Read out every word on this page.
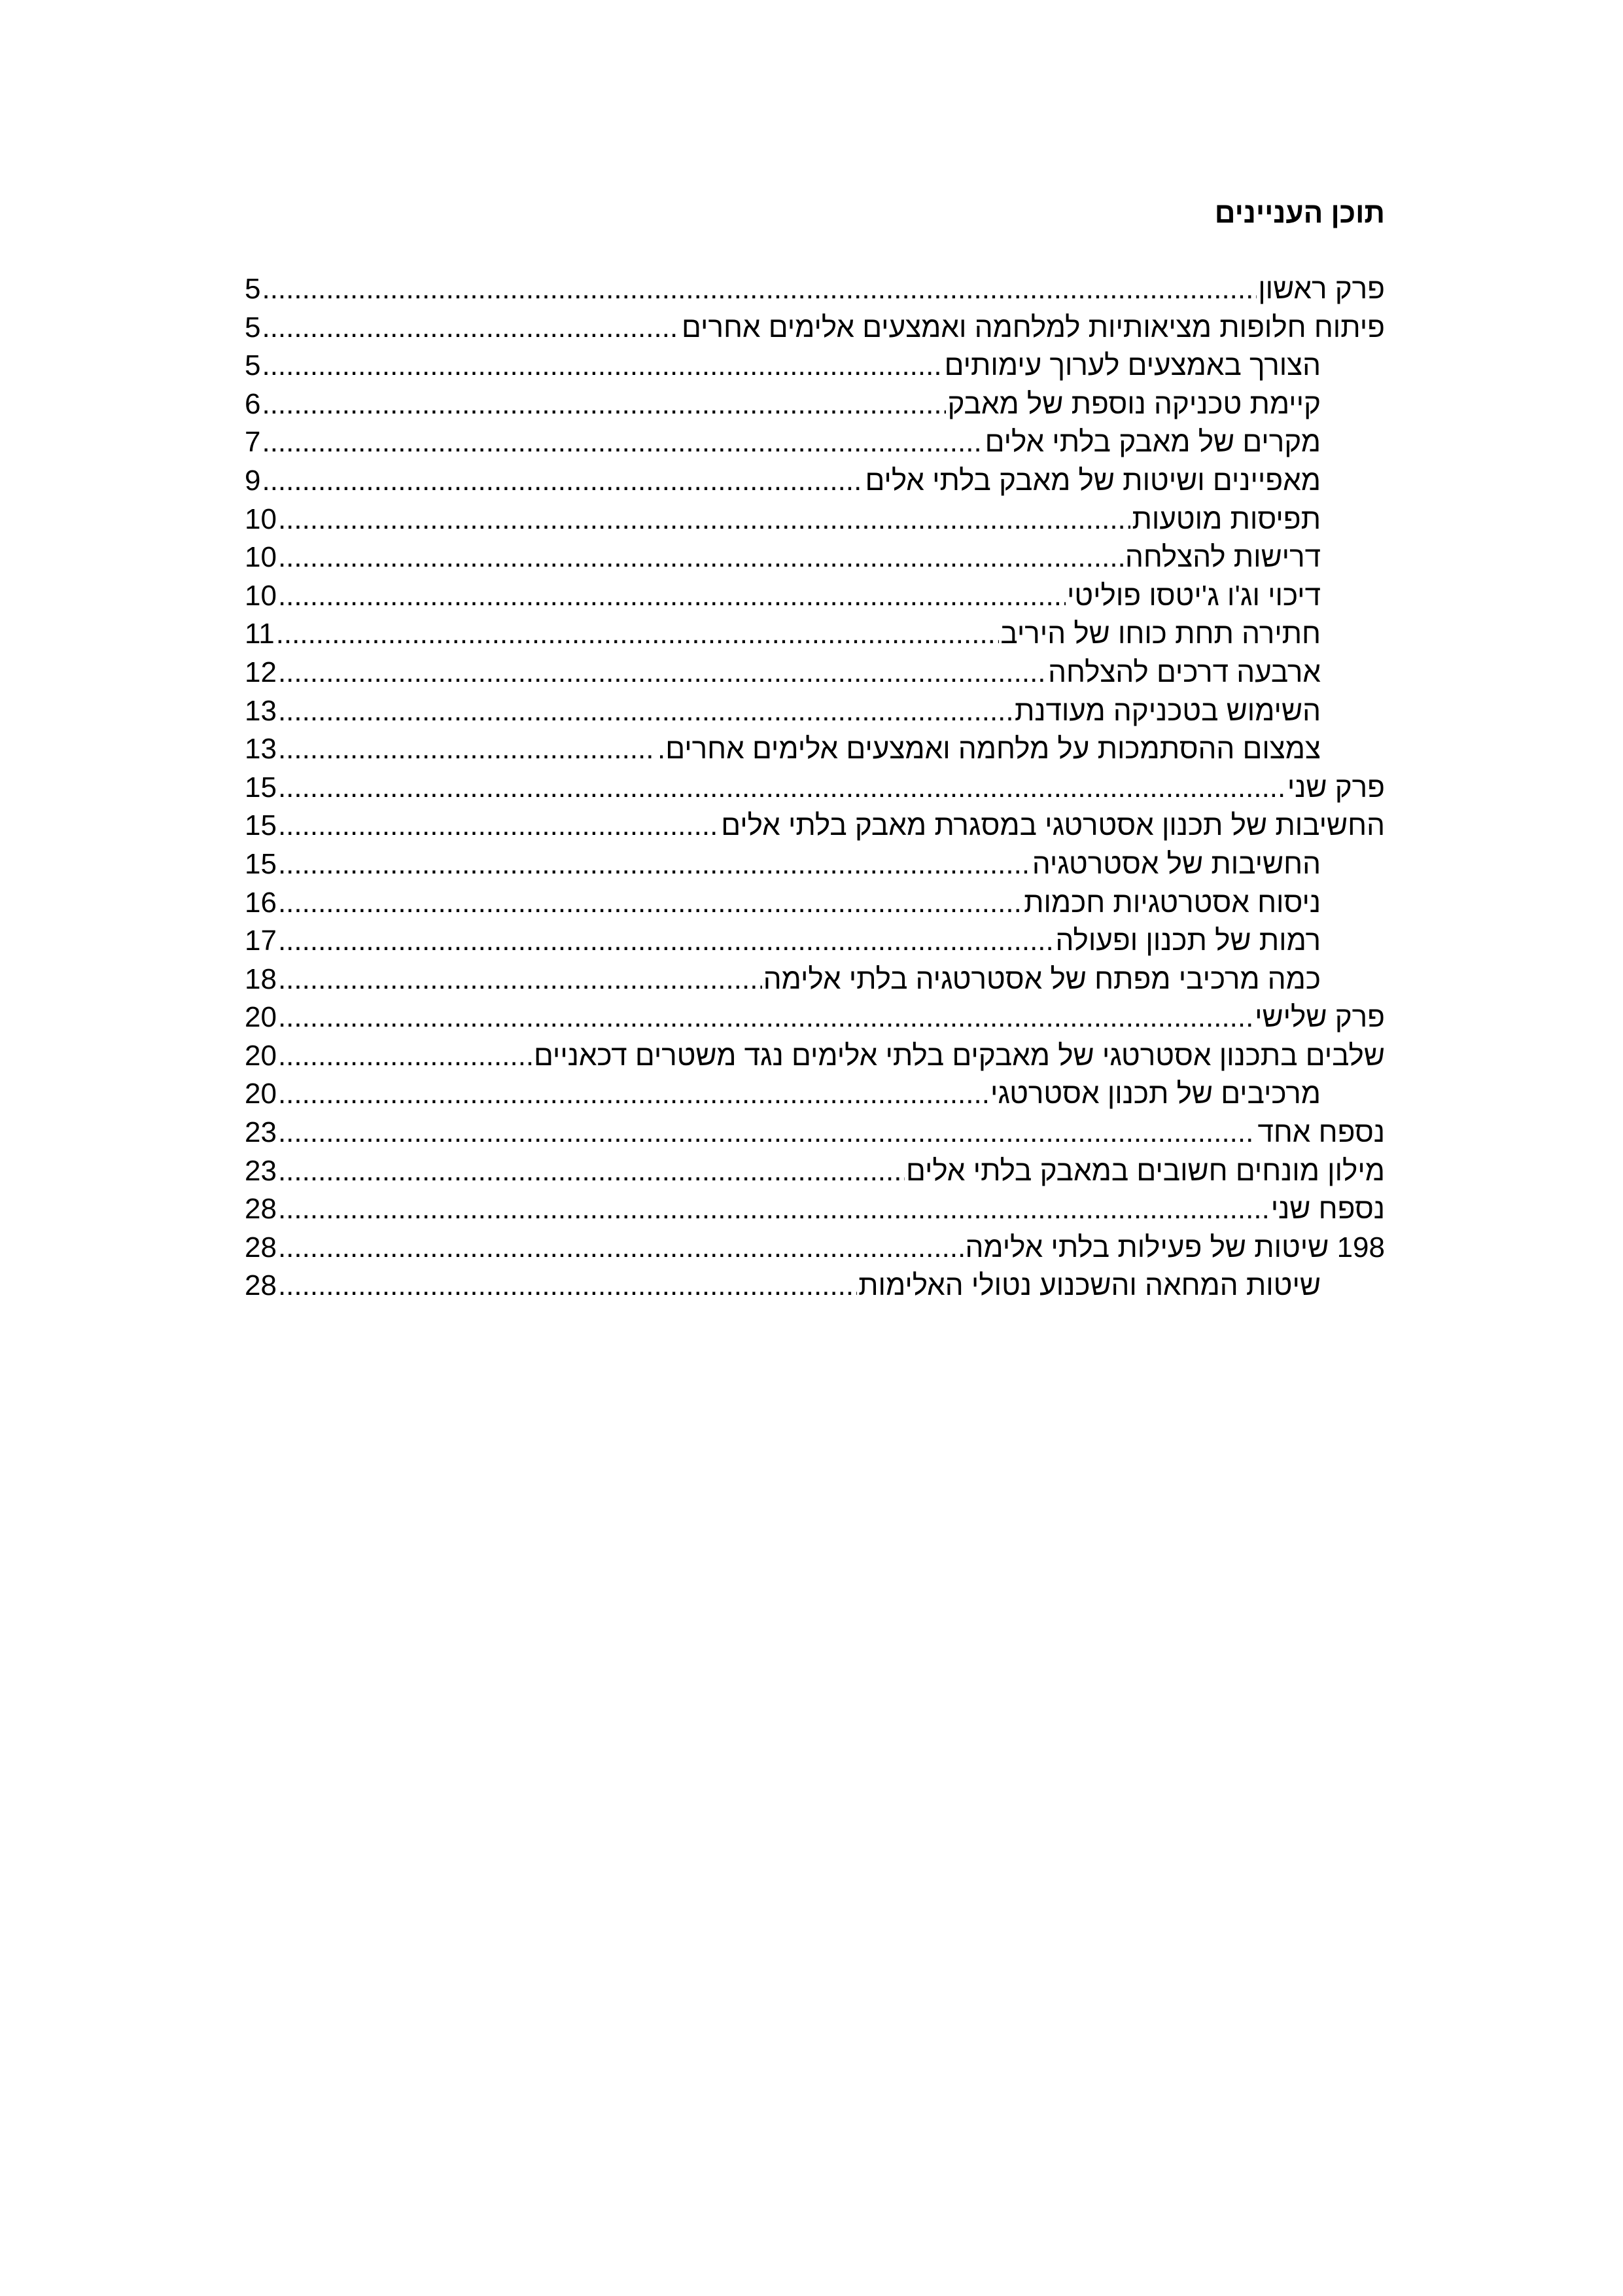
תוכן העניינים
פרק ראשון
.....
5
פיתוח חלופות מציאותיות למלחמה ואמצעים אלימים אחרים
.....
5
הצורך באמצעים לערוך עימותים
.....
5
קיימת טכניקה נוספת של מאבק
.....
6
מקרים של מאבק בלתי אלים
.....
7
מאפיינים ושיטות של מאבק בלתי אלים
.....
9
תפיסות מוטעות
.....
10
דרישות להצלחה
.....
10
דיכוי וג'ו ג'יטסו פוליטי
.....
10
חתירה תחת כוחו של היריב
.....
11
ארבעה דרכים להצלחה
.....
12
השימוש בטכניקה מעודנת
.....
13
צמצום ההסתמכות על מלחמה ואמצעים אלימים אחרים.
.....
13
פרק שני
.....
15
החשיבות של תכנון אסטרטגי במסגרת מאבק בלתי אלים
.....
15
החשיבות של אסטרטגיה
.....
15
ניסוח אסטרטגיות חכמות
.....
16
רמות של תכנון ופעולה
.....
17
כמה מרכיבי מפתח של אסטרטגיה בלתי אלימה
.....
18
פרק שלישי
.....
20
שלבים בתכנון אסטרטגי של מאבקים בלתי אלימים נגד משטרים דכאניים
.....
20
מרכיבים של תכנון אסטרטגי
.....
20
נספח אחד
.....
23
מילון מונחים חשובים במאבק בלתי אלים
.....
23
נספח שני
.....
28
198 שיטות של פעילות בלתי אלימה
.....
28
שיטות המחאה והשכנוע נטולי האלימות
.....
28
